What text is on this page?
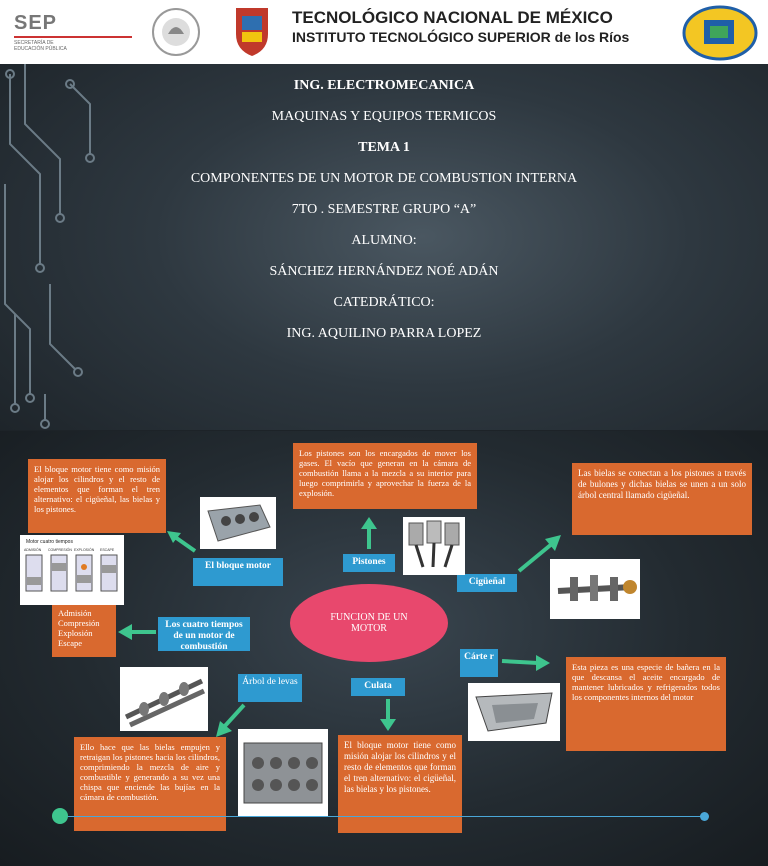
SEP
SECRETARÍA DE EDUCACIÓN PÚBLICA
TECNOLÓGICO NACIONAL DE MÉXICO
INSTITUTO TECNOLÓGICO SUPERIOR de los Ríos
ING. ELECTROMECANICA
MAQUINAS Y EQUIPOS TERMICOS
TEMA 1
COMPONENTES DE UN MOTOR DE COMBUSTION INTERNA
7TO . SEMESTRE GRUPO “A”
ALUMNO:
SÁNCHEZ HERNÁNDEZ NOÉ ADÁN
CATEDRÁTICO:
ING. AQUILINO PARRA LOPEZ
El bloque motor tiene como misión alojar los cilindros y el resto de elementos que forman el tren alternativo: el cigüeñal, las bielas y los pistones.
Los pistones son los encargados de mover los gases. El vacío que generan en la cámara de combustión llama a la mezcla a su interior para luego comprimirla y aprovechar la fuerza de la explosión.
Las bielas se conectan a los pistones a través de bulones y dichas bielas se unen a un solo árbol central llamado cigüeñal.
Admisión Compresión Explosión Escape
Esta pieza es una especie de bañera en la que descansa el aceite encargado de mantener lubricados y refrigerados todos los componentes internos del motor
Ello hace que las bielas empujen y retraigan los pistones hacia los cilindros, comprimiendo la mezcla de aire y combustible y generando a su vez una chispa que enciende las bujías en la cámara de combustión.
El bloque motor tiene como misión alojar los cilindros y el resto de elementos que forman el tren alternativo: el cigüeñal, las bielas y los pistones.
El bloque motor	Pistones
Cigüeñal
Los cuatro tiempos de un motor de combustión
Cárte r
Árbol de levas	Culata
FUNCION DE UN MOTOR
Motor cuatro tiempos
ADMISIÓN COMPRESIÓN EXPLOSIÓN ESCAPE
